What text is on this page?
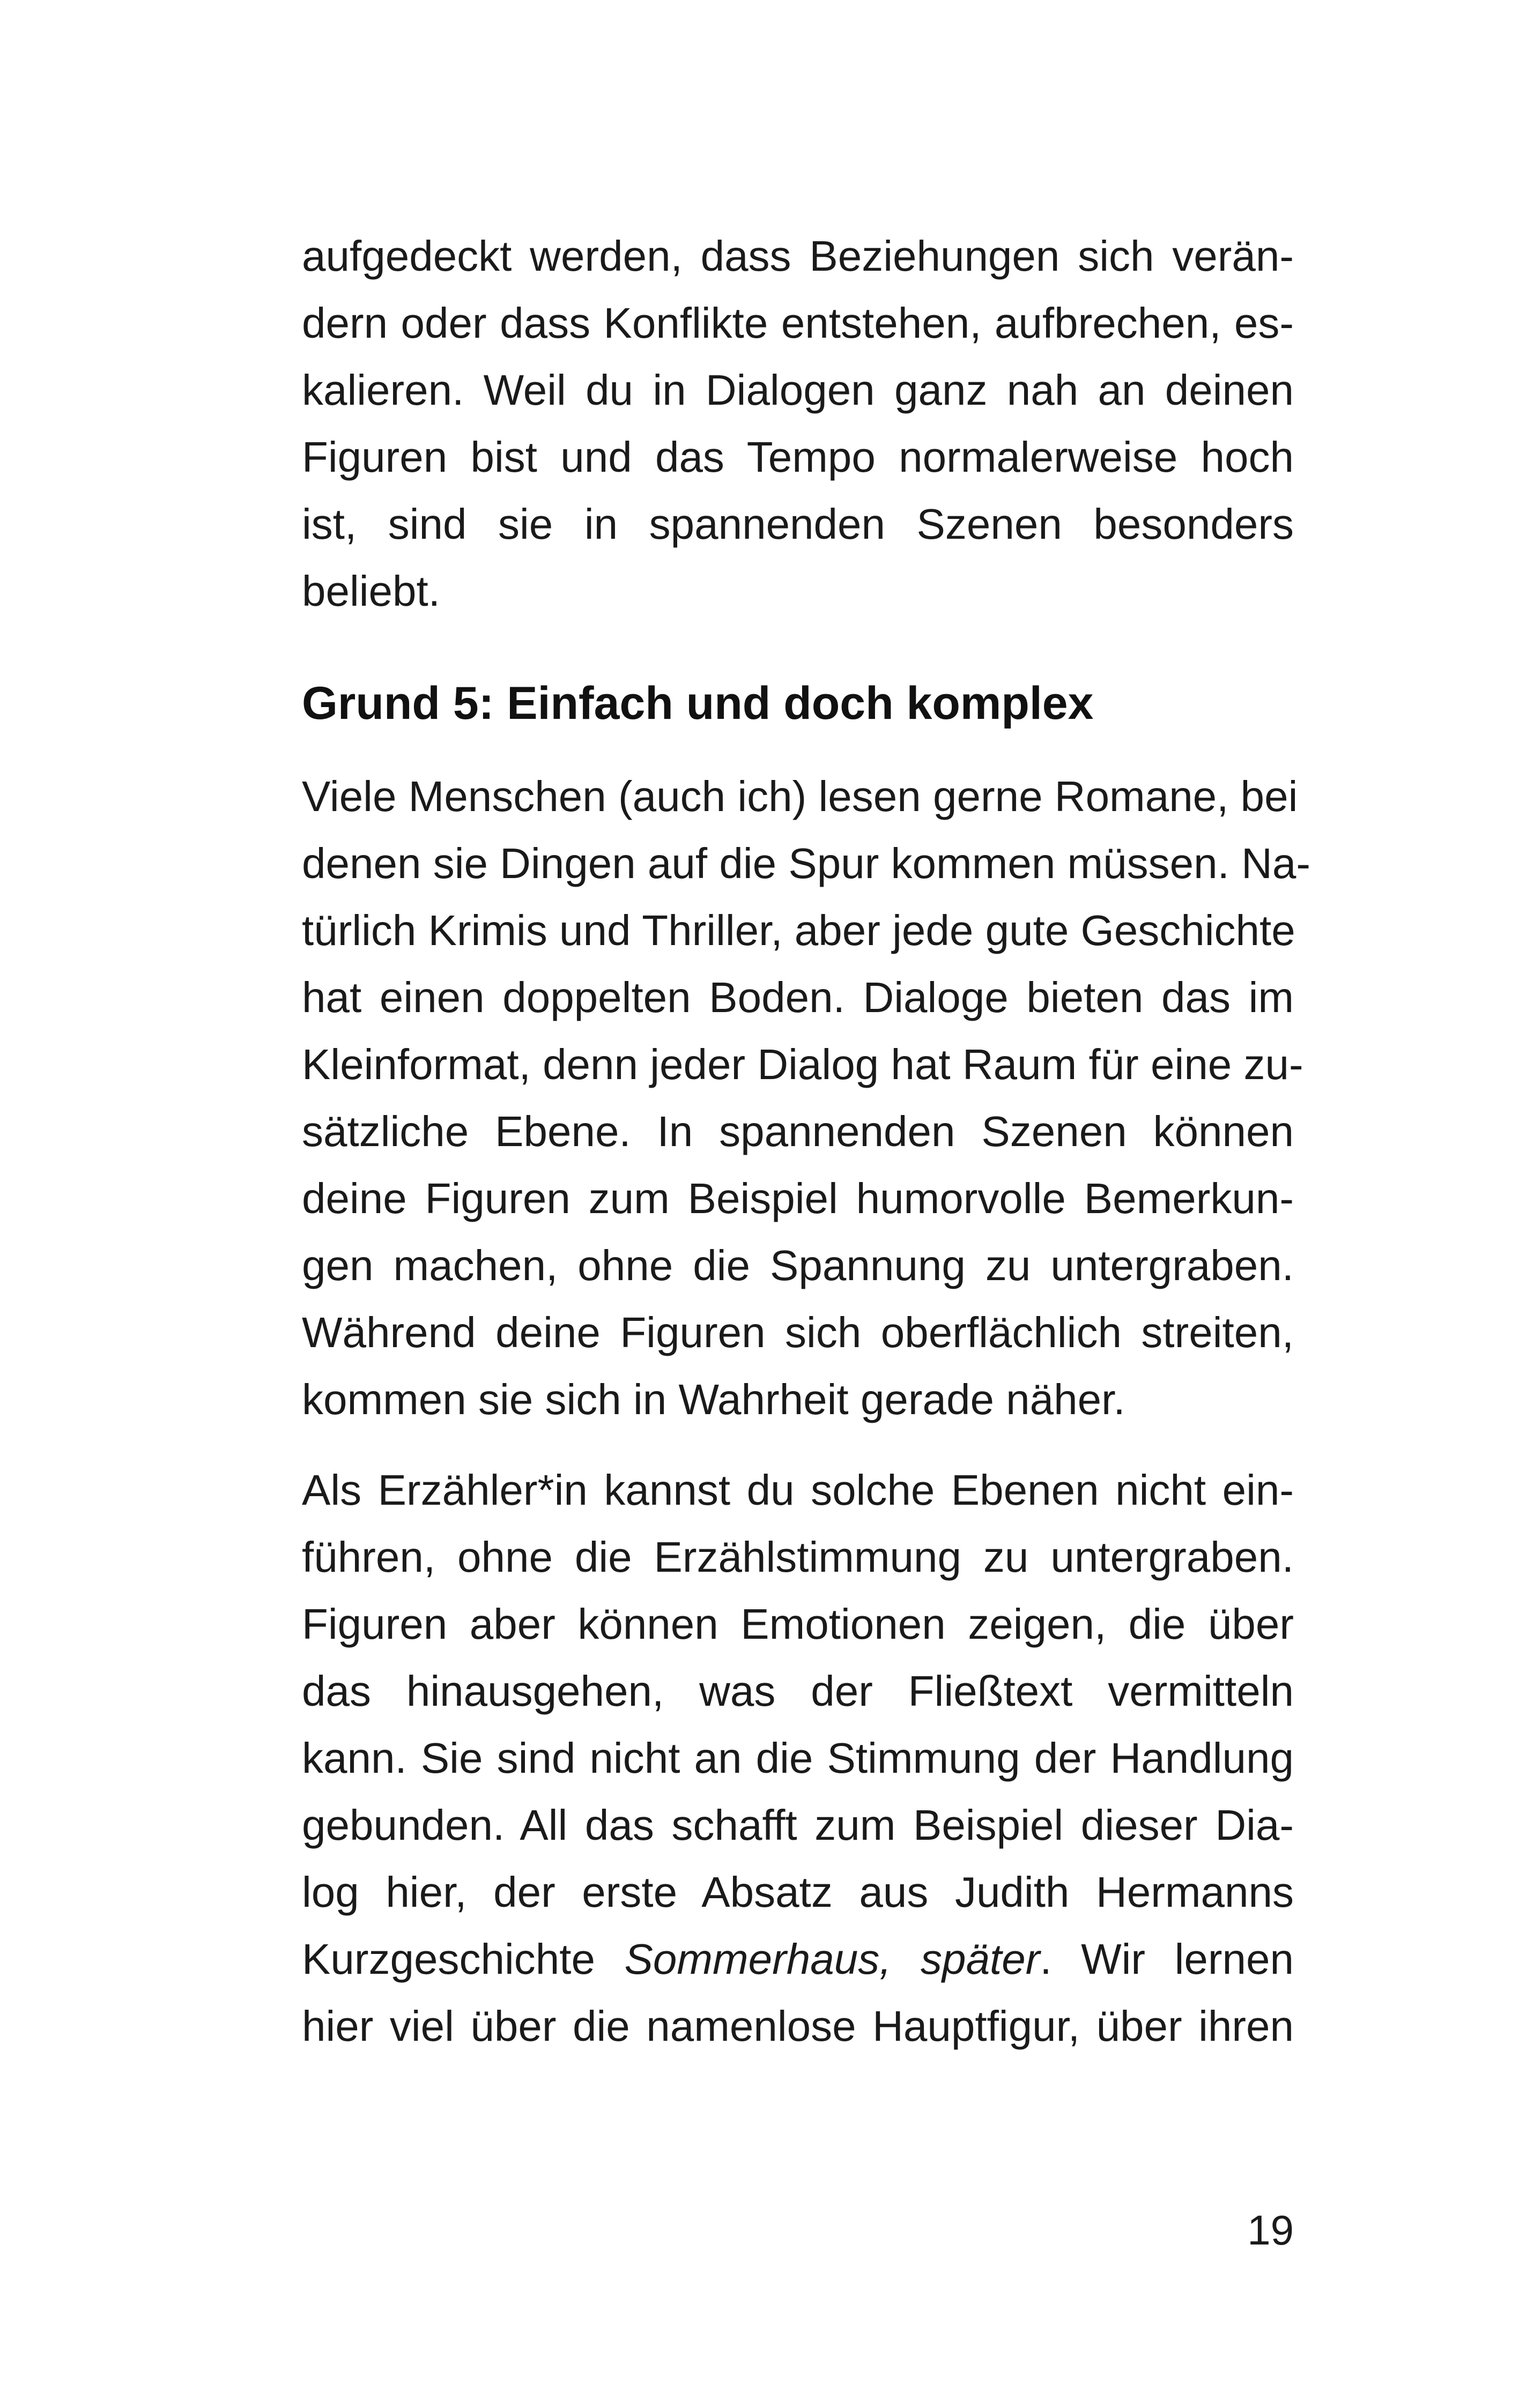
aufgedeckt werden, dass Beziehungen sich verän-
dern oder dass Konflikte entstehen, aufbrechen, es-
kalieren. Weil du in Dialogen ganz nah an deinen
Figuren bist und das Tempo normalerweise hoch
ist, sind sie in spannenden Szenen besonders
beliebt.

Grund 5: Einfach und doch komplex

Viele Menschen (auch ich) lesen gerne Romane, bei
denen sie Dingen auf die Spur kommen müssen. Na-
türlich Krimis und Thriller, aber jede gute Geschichte
hat einen doppelten Boden. Dialoge bieten das im
Kleinformat, denn jeder Dialog hat Raum für eine zu-
sätzliche Ebene. In spannenden Szenen können
deine Figuren zum Beispiel humorvolle Bemerkun-
gen machen, ohne die Spannung zu untergraben.
Während deine Figuren sich oberflächlich streiten,
kommen sie sich in Wahrheit gerade näher.

Als Erzähler*in kannst du solche Ebenen nicht ein-
führen, ohne die Erzählstimmung zu untergraben.
Figuren aber können Emotionen zeigen, die über
das hinausgehen, was der Fließtext vermitteln
kann. Sie sind nicht an die Stimmung der Handlung
gebunden. All das schafft zum Beispiel dieser Dia-
log hier, der erste Absatz aus Judith Hermanns
Kurzgeschichte Sommerhaus, später. Wir lernen
hier viel über die namenlose Hauptfigur, über ihren

19
